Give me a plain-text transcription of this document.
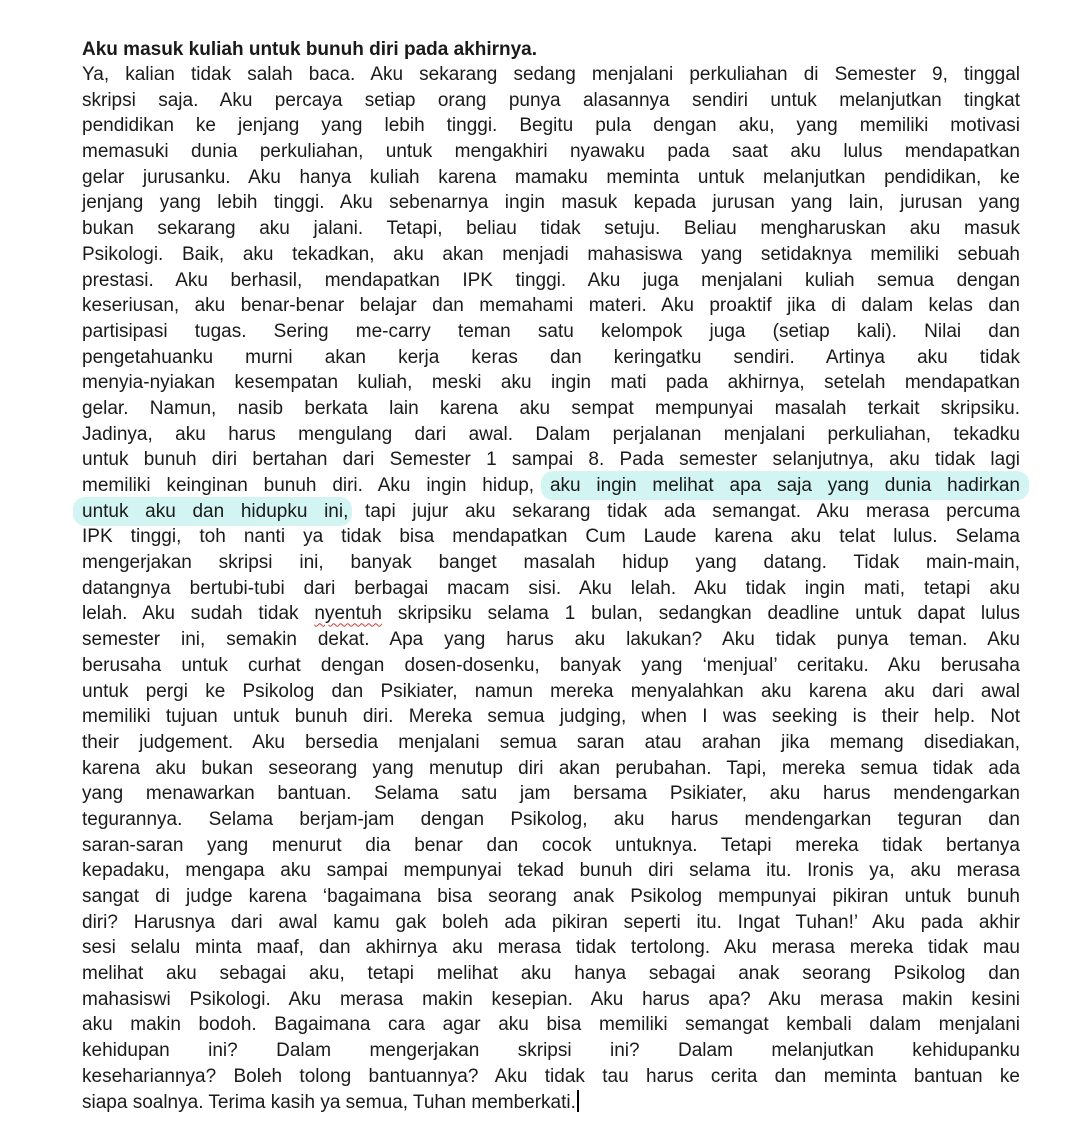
Aku masuk kuliah untuk bunuh diri pada akhirnya.
Ya, kalian tidak salah baca. Aku sekarang sedang menjalani perkuliahan di Semester 9, tinggal
skripsi saja. Aku percaya setiap orang punya alasannya sendiri untuk melanjutkan tingkat
pendidikan ke jenjang yang lebih tinggi. Begitu pula dengan aku, yang memiliki motivasi
memasuki dunia perkuliahan, untuk mengakhiri nyawaku pada saat aku lulus mendapatkan
gelar jurusanku. Aku hanya kuliah karena mamaku meminta untuk melanjutkan pendidikan, ke
jenjang yang lebih tinggi. Aku sebenarnya ingin masuk kepada jurusan yang lain, jurusan yang
bukan sekarang aku jalani. Tetapi, beliau tidak setuju. Beliau mengharuskan aku masuk
Psikologi. Baik, aku tekadkan, aku akan menjadi mahasiswa yang setidaknya memiliki sebuah
prestasi. Aku berhasil, mendapatkan IPK tinggi. Aku juga menjalani kuliah semua dengan
keseriusan, aku benar-benar belajar dan memahami materi. Aku proaktif jika di dalam kelas dan
partisipasi tugas. Sering me-carry teman satu kelompok juga (setiap kali). Nilai dan
pengetahuanku murni akan kerja keras dan keringatku sendiri. Artinya aku tidak
menyia-nyiakan kesempatan kuliah, meski aku ingin mati pada akhirnya, setelah mendapatkan
gelar. Namun, nasib berkata lain karena aku sempat mempunyai masalah terkait skripsiku.
Jadinya, aku harus mengulang dari awal. Dalam perjalanan menjalani perkuliahan, tekadku
untuk bunuh diri bertahan dari Semester 1 sampai 8. Pada semester selanjutnya, aku tidak lagi
memiliki keinginan bunuh diri. Aku ingin hidup, aku ingin melihat apa saja yang dunia hadirkan
untuk aku dan hidupku ini, tapi jujur aku sekarang tidak ada semangat. Aku merasa percuma
IPK tinggi, toh nanti ya tidak bisa mendapatkan Cum Laude karena aku telat lulus. Selama
mengerjakan skripsi ini, banyak banget masalah hidup yang datang. Tidak main-main,
datangnya bertubi-tubi dari berbagai macam sisi. Aku lelah. Aku tidak ingin mati, tetapi aku
lelah. Aku sudah tidak nyentuh skripsiku selama 1 bulan, sedangkan deadline untuk dapat lulus
semester ini, semakin dekat. Apa yang harus aku lakukan? Aku tidak punya teman. Aku
berusaha untuk curhat dengan dosen-dosenku, banyak yang ‘menjual’ ceritaku. Aku berusaha
untuk pergi ke Psikolog dan Psikiater, namun mereka menyalahkan aku karena aku dari awal
memiliki tujuan untuk bunuh diri. Mereka semua judging, when I was seeking is their help. Not
their judgement. Aku bersedia menjalani semua saran atau arahan jika memang disediakan,
karena aku bukan seseorang yang menutup diri akan perubahan. Tapi, mereka semua tidak ada
yang menawarkan bantuan. Selama satu jam bersama Psikiater, aku harus mendengarkan
tegurannya. Selama berjam-jam dengan Psikolog, aku harus mendengarkan teguran dan
saran-saran yang menurut dia benar dan cocok untuknya. Tetapi mereka tidak bertanya
kepadaku, mengapa aku sampai mempunyai tekad bunuh diri selama itu. Ironis ya, aku merasa
sangat di judge karena ‘bagaimana bisa seorang anak Psikolog mempunyai pikiran untuk bunuh
diri? Harusnya dari awal kamu gak boleh ada pikiran seperti itu. Ingat Tuhan!’ Aku pada akhir
sesi selalu minta maaf, dan akhirnya aku merasa tidak tertolong. Aku merasa mereka tidak mau
melihat aku sebagai aku, tetapi melihat aku hanya sebagai anak seorang Psikolog dan
mahasiswi Psikologi. Aku merasa makin kesepian. Aku harus apa? Aku merasa makin kesini
aku makin bodoh. Bagaimana cara agar aku bisa memiliki semangat kembali dalam menjalani
kehidupan ini? Dalam mengerjakan skripsi ini? Dalam melanjutkan kehidupanku
kesehariannya? Boleh tolong bantuannya? Aku tidak tau harus cerita dan meminta bantuan ke
siapa soalnya. Terima kasih ya semua, Tuhan memberkati.
